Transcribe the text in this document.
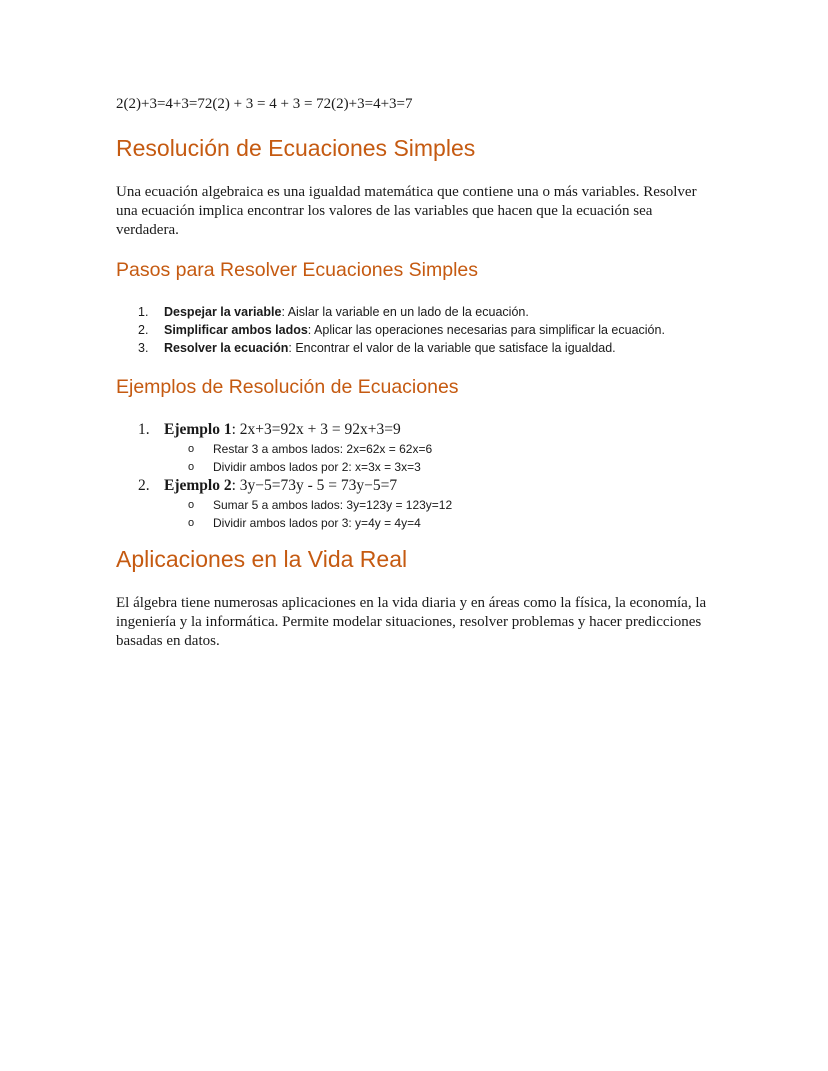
2(2)+3=4+3=72(2) + 3 = 4 + 3 = 72(2)+3=4+3=7
Resolución de Ecuaciones Simples

Una ecuación algebraica es una igualdad matemática que contiene una o más variables. Resolver una ecuación implica encontrar los valores de las variables que hacen que la ecuación sea verdadera.

Pasos para Resolver Ecuaciones Simples
1. Despejar la variable: Aislar la variable en un lado de la ecuación.
2. Simplificar ambos lados: Aplicar las operaciones necesarias para simplificar la ecuación.
3. Resolver la ecuación: Encontrar el valor de la variable que satisface la igualdad.
Ejemplos de Resolución de Ecuaciones
1. Ejemplo 1: 2x+3=92x + 3 = 92x+3=9
o Restar 3 a ambos lados: 2x=62x = 62x=6
o Dividir ambos lados por 2: x=3x = 3x=3
2. Ejemplo 2: 3y−5=73y - 5 = 73y−5=7
o Sumar 5 a ambos lados: 3y=123y = 123y=12
o Dividir ambos lados por 3: y=4y = 4y=4
Aplicaciones en la Vida Real

El álgebra tiene numerosas aplicaciones en la vida diaria y en áreas como la física, la economía, la ingeniería y la informática. Permite modelar situaciones, resolver problemas y hacer predicciones basadas en datos.
